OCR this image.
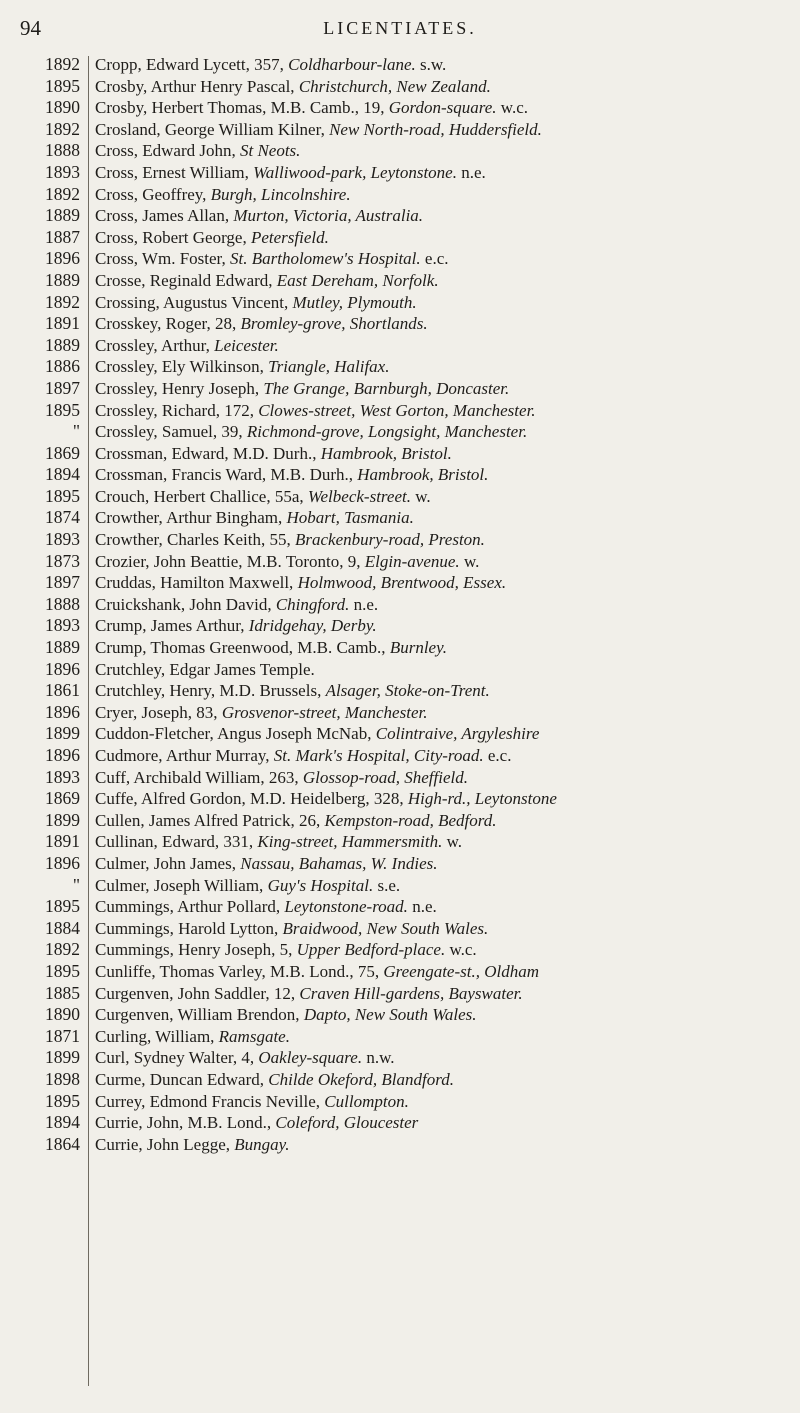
94	LICENTIATES.
1892
1895
1890
1892
1888
1893
1892
1889
1887
1896
1889
1892
1891
1889
1886
1897
1895
"
1869
1894
1895
1874
1893
1873
1897
1888
1893
1889
1896
1861
1896
1899
1896
1893
1869
1899
1891
1896
"
1895
1884
1892
1895
1885
1890
1871
1899
1898
1895
1894
1864
Cropp, Edward Lycett, 357, Coldharbour-lane. s.w.
Crosby, Arthur Henry Pascal, Christchurch, New Zealand.
Crosby, Herbert Thomas, M.B. Camb., 19, Gordon-square. w.c.
Crosland, George William Kilner, New North-road, Huddersfield.
Cross, Edward John, St Neots.
Cross, Ernest William, Walliwood-park, Leytonstone. n.e.
Cross, Geoffrey, Burgh, Lincolnshire.
Cross, James Allan, Murton, Victoria, Australia.
Cross, Robert George, Petersfield.
Cross, Wm. Foster, St. Bartholomew's Hospital. e.c.
Crosse, Reginald Edward, East Dereham, Norfolk.
Crossing, Augustus Vincent, Mutley, Plymouth.
Crosskey, Roger, 28, Bromley-grove, Shortlands.
Crossley, Arthur, Leicester.
Crossley, Ely Wilkinson, Triangle, Halifax.
Crossley, Henry Joseph, The Grange, Barnburgh, Doncaster.
Crossley, Richard, 172, Clowes-street, West Gorton, Manchester.
Crossley, Samuel, 39, Richmond-grove, Longsight, Manchester.
Crossman, Edward, M.D. Durh., Hambrook, Bristol.
Crossman, Francis Ward, M.B. Durh., Hambrook, Bristol.
Crouch, Herbert Challice, 55a, Welbeck-street. w.
Crowther, Arthur Bingham, Hobart, Tasmania.
Crowther, Charles Keith, 55, Brackenbury-road, Preston.
Crozier, John Beattie, M.B. Toronto, 9, Elgin-avenue. w.
Cruddas, Hamilton Maxwell, Holmwood, Brentwood, Essex.
Cruickshank, John David, Chingford. n.e.
Crump, James Arthur, Idridgehay, Derby.
Crump, Thomas Greenwood, M.B. Camb., Burnley.
Crutchley, Edgar James Temple.
Crutchley, Henry, M.D. Brussels, Alsager, Stoke-on-Trent.
Cryer, Joseph, 83, Grosvenor-street, Manchester.
Cuddon-Fletcher, Angus Joseph McNab, Colintraive, Argyleshire
Cudmore, Arthur Murray, St. Mark's Hospital, City-road. e.c.
Cuff, Archibald William, 263, Glossop-road, Sheffield.
Cuffe, Alfred Gordon, M.D. Heidelberg, 328, High-rd., Leytonstone
Cullen, James Alfred Patrick, 26, Kempston-road, Bedford.
Cullinan, Edward, 331, King-street, Hammersmith. w.
Culmer, John James, Nassau, Bahamas, W. Indies.
Culmer, Joseph William, Guy's Hospital. s.e.
Cummings, Arthur Pollard, Leytonstone-road. n.e.
Cummings, Harold Lytton, Braidwood, New South Wales.
Cummings, Henry Joseph, 5, Upper Bedford-place. w.c.
Cunliffe, Thomas Varley, M.B. Lond., 75, Greengate-st., Oldham
Curgenven, John Saddler, 12, Craven Hill-gardens, Bayswater.
Curgenven, William Brendon, Dapto, New South Wales.
Curling, William, Ramsgate.
Curl, Sydney Walter, 4, Oakley-square. n.w.
Curme, Duncan Edward, Childe Okeford, Blandford.
Currey, Edmond Francis Neville, Cullompton.
Currie, John, M.B. Lond., Coleford, Gloucester
Currie, John Legge, Bungay.
